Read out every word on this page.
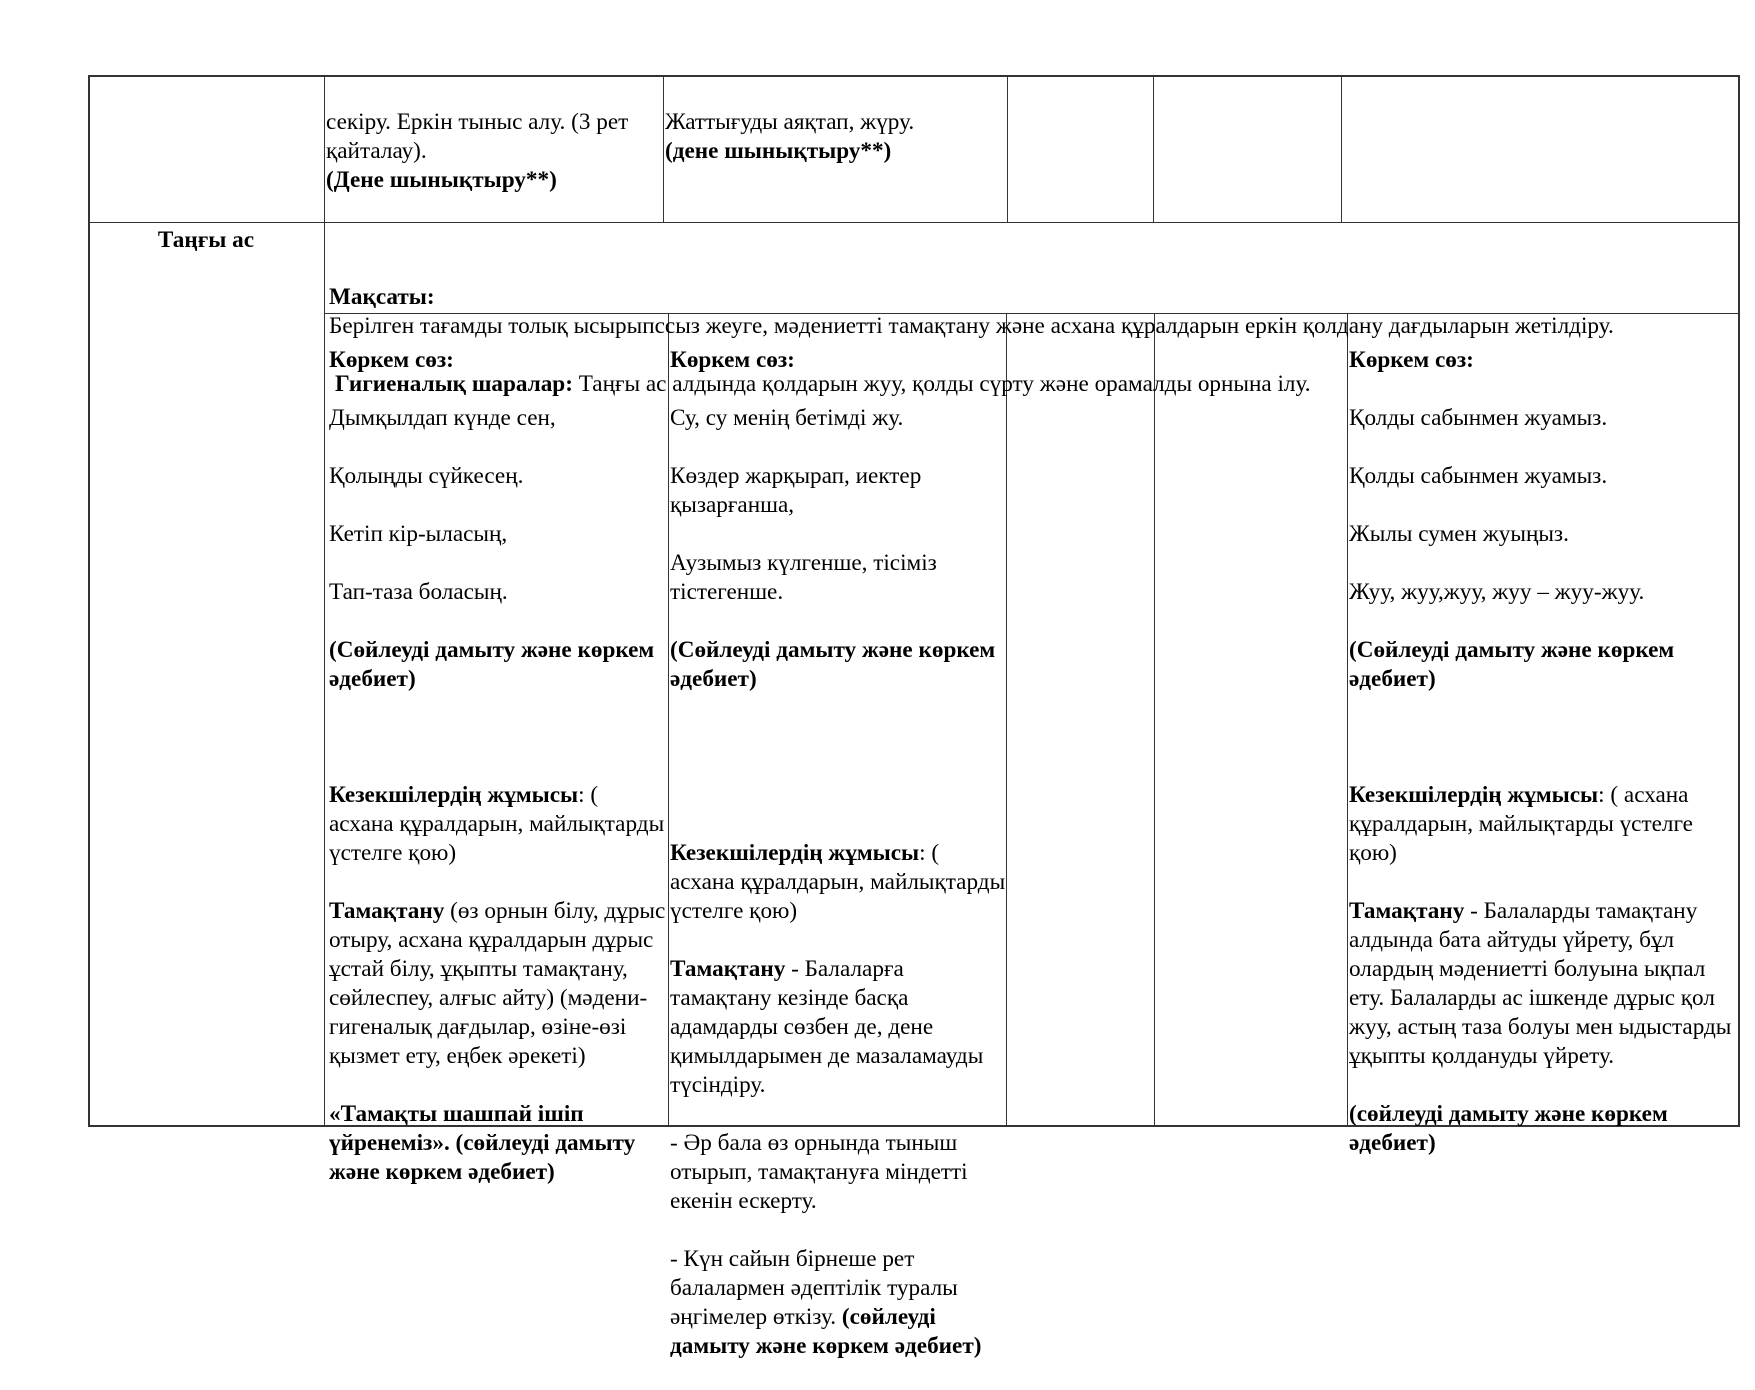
секіру. Еркін тыныс алу. (3 рет қайталау).
(Дене шынықтыру**)

Жаттығуды аяқтап, жүру.
(дене шынықтыру**)

Таңғы ас

Мақсаты:
Берілген тағамды толық ысырыпссыз жеуге, мәдениетті тамақтану және асхана құралдарын еркін қолдану дағдыларын жетілдіру.

Гигиеналық шаралар: Таңғы ас алдында қолдарын жуу, қолды сүрту және орамалды орнына ілу.

Көркем сөз:

Дымқылдап күнде сен,

Қолыңды сүйкесең.

Кетіп кір-ыласың,

Тап-таза боласың.

(Сөйлеуді дамыту және көркем әдебиет)

Кезекшілердің жұмысы: ( асхана құралдарын, майлықтарды үстелге қою)

Тамақтану (өз орнын білу, дұрыс отыру, асхана құралдарын дұрыс ұстай білу, ұқыпты тамақтану, сөйлеспеу, алғыс айту) (мәдени-гигеналық дағдылар, өзіне-өзі қызмет ету, еңбек әрекеті)

«Тамақты шашпай ішіп үйренеміз». (сөйлеуді дамыту және көркем әдебиет)

Көркем сөз:

Су, су менің бетімді жу.

Көздер жарқырап, иектер қызарғанша,

Аузымыз күлгенше, тісіміз тістегенше.

(Сөйлеуді дамыту және көркем әдебиет)

Кезекшілердің жұмысы: ( асхана құралдарын, майлықтарды үстелге қою)

Тамақтану - Балаларға тамақтану кезінде басқа адамдарды сөзбен де, дене қимылдарымен де мазаламауды түсіндіру.

- Әр бала өз орнында тыныш отырып, тамақтануға міндетті екенін ескерту.

- Күн сайын бірнеше рет балалармен әдептілік туралы әңгімелер өткізу. (сөйлеуді дамыту және көркем әдебиет)

Көркем сөз:

Қолды сабынмен жуамыз.

Қолды сабынмен жуамыз.

Жылы сумен жуыңыз.

Жуу, жуу,жуу, жуу – жуу-жуу.

(Сөйлеуді дамыту және көркем әдебиет)

Кезекшілердің жұмысы: ( асхана құралдарын, майлықтарды үстелге қою)

Тамақтану - Балаларды тамақтану алдында бата айтуды үйрету, бұл олардың мәдениетті болуына ықпал ету. Балаларды ас ішкенде дұрыс қол жуу, астың таза болуы мен ыдыстарды ұқыпты қолдануды үйрету.

(сөйлеуді дамыту және көркем әдебиет)
